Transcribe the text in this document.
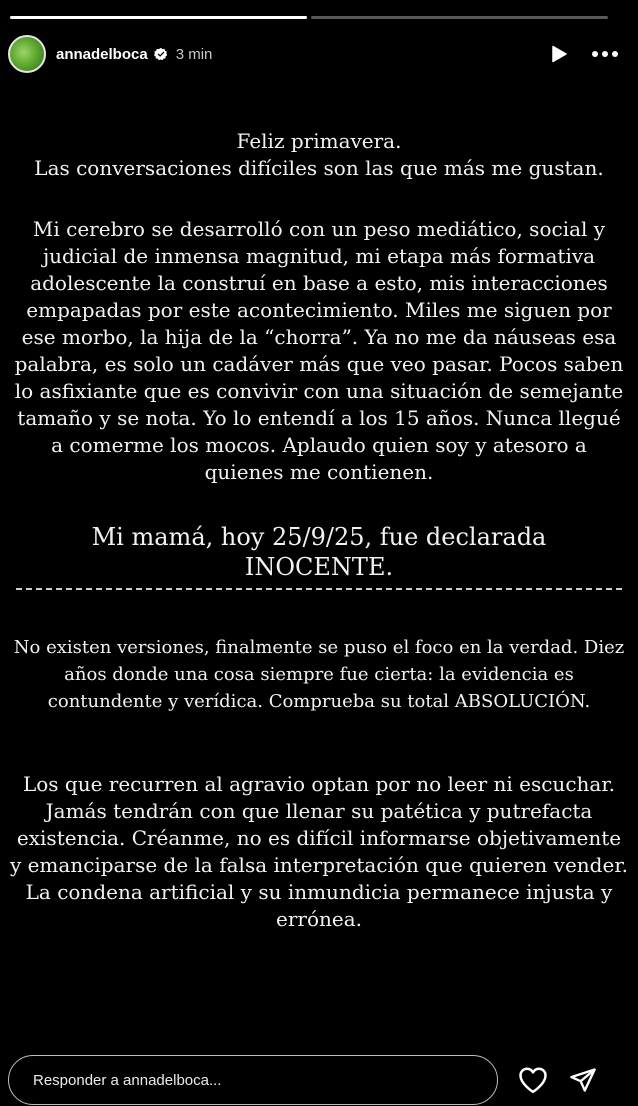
annadelboca 3 min
Feliz primavera.
Las conversaciones difíciles son las que más me gustan.
Mi cerebro se desarrolló con un peso mediático, social y judicial de inmensa magnitud, mi etapa más formativa adolescente la construí en base a esto, mis interacciones empapadas por este acontecimiento. Miles me siguen por ese morbo, la hija de la “chorra”. Ya no me da náuseas esa palabra, es solo un cadáver más que veo pasar. Pocos saben lo asfixiante que es convivir con una situación de semejante tamaño y se nota. Yo lo entendí a los 15 años. Nunca llegué a comerme los mocos. Aplaudo quien soy y atesoro a quienes me contienen.
Mi mamá, hoy 25/9/25, fue declarada INOCENTE.
No existen versiones, finalmente se puso el foco en la verdad. Diez años donde una cosa siempre fue cierta: la evidencia es contundente y verídica. Comprueba su total ABSOLUCIÓN.
Los que recurren al agravio optan por no leer ni escuchar. Jamás tendrán con que llenar su patética y putrefacta existencia. Créanme, no es difícil informarse objetivamente y emanciparse de la falsa interpretación que quieren vender. La condena artificial y su inmundicia permanece injusta y errónea.
Responder a annadelboca...
